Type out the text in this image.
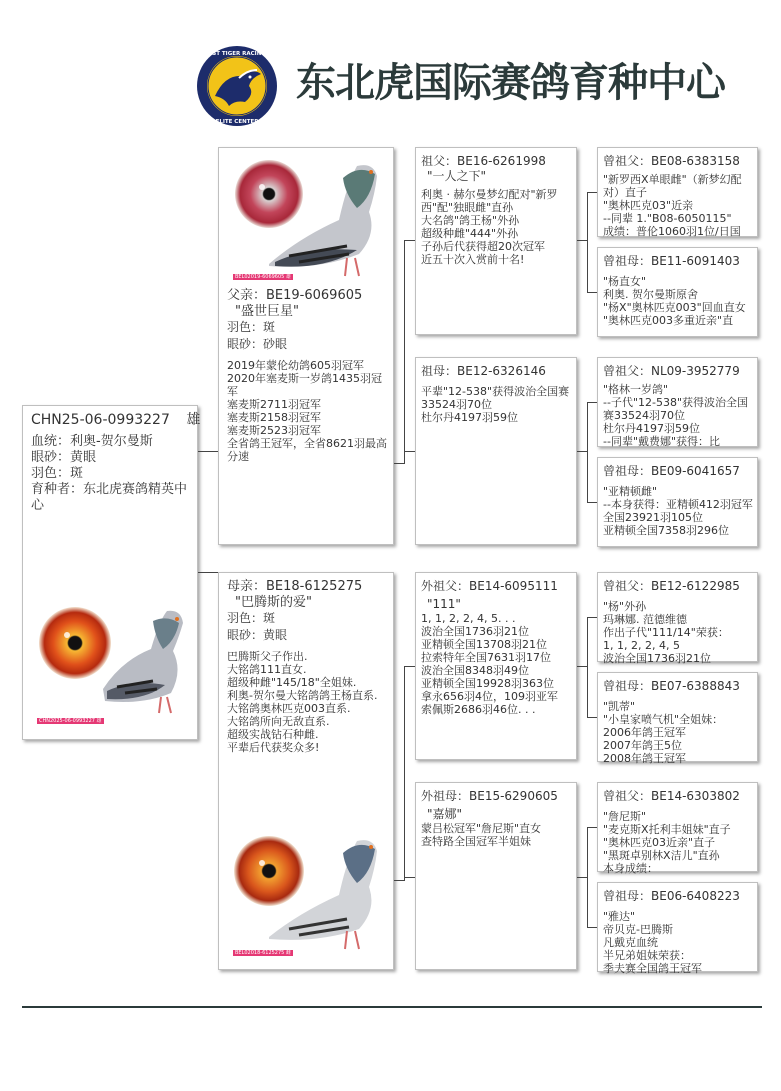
NORTHEAST TIGER RACING PIGEON
ELITE CENTER
东北虎国际赛鸽育种中心
CHN25-06-0993227 雄
血统：利奥-贺尔曼斯
眼砂：黄眼
羽色：斑
育种者：东北虎赛鸽精英中心
CHN2025-06-0993227 雄
BEL02019-6069605 雄
父亲：BE19-6069605
"盛世巨星"
羽色：斑
眼砂：砂眼
2019年蒙伦幼鸽605羽冠军
2020年塞麦斯一岁鸽1435羽冠军
塞麦斯2711羽冠军
塞麦斯2158羽冠军
塞麦斯2523羽冠军
全省鸽王冠军，全省8621羽最高分速
母亲：BE18-6125275
"巴腾斯的爱"
羽色：斑
眼砂：黄眼
巴腾斯父子作出.
大铭鸽111直女.
超级种雌"145/18"全姐妹.
利奥-贺尔曼大铭鸽鸽王杨直系.
大铭鸽奥林匹克003直系.
大铭鸽所向无敌直系.
超级实战钻石种雌.
平辈后代获奖众多!
BEL02018-6125275 雌
祖父：BE16-6261998
"一人之下"
利奥 · 赫尔曼梦幻配对"新罗西"配"独眼雌"直孙
大名鸽"鸽王杨"外孙
超级种雌"444"外孙
子孙后代获得超20次冠军
近五十次入赏前十名!
祖母：BE12-6326146
平辈"12-538"获得波治全国赛33524羽70位
杜尔丹4197羽59位
外祖父：BE14-6095111
"111"
1, 1, 2, 2, 4, 5. . .
波治全国1736羽21位
亚精顿全国13708羽21位
拉索特年全国7631羽17位
波治全国8348羽49位
亚精顿全国19928羽363位
拿永656羽4位，109羽亚军
索佩斯2686羽46位. . .
外祖母：BE15-6290605
"嘉娜"
蒙吕松冠军"詹尼斯"直女
查特路全国冠军半姐妹
曾祖父：BE08-6383158
"新罗西X单眼雌"（新梦幻配对）直子
"奥林匹克03"近亲
--同辈 1."B08-6050115"
成绩：普伦1060羽1位/日国
曾祖母：BE11-6091403
"杨直女"
利奥. 贺尔曼斯原舍
"杨X"奥林匹克003"回血直女
"奥林匹克003多重近亲"直
曾祖父：NL09-3952779
"格林一岁鸽"
--子代"12-538"获得波治全国赛33524羽70位
杜尔丹4197羽59位
--同辈"戴费娜"获得：比
曾祖母：BE09-6041657
"亚精顿雌"
--本身获得：亚精顿412羽冠军
全国23921羽105位
亚精顿全国7358羽296位
曾祖父：BE12-6122985
"杨"外孙
玛琳娜. 范德维德
作出子代"111/14"荣获：
1, 1, 2, 2, 4, 5
波治全国1736羽21位
曾祖母：BE07-6388843
"凯蒂"
"小皇家喷气机"全姐妹：
2006年鸽王冠军
2007年鸽王5位
2008年鸽王冠军
曾祖父：BE14-6303802
"詹尼斯"
"麦克斯X托利丰姐妹"直子
"奥林匹克03近亲"直子
"黑斑卓别林X洁儿"直孙
本身成绩：
曾祖母：BE06-6408223
"雅达"
帝贝克-巴腾斯
凡戴克血统
半兄弟姐妹荣获：
季夫赛全国鸽王冠军
